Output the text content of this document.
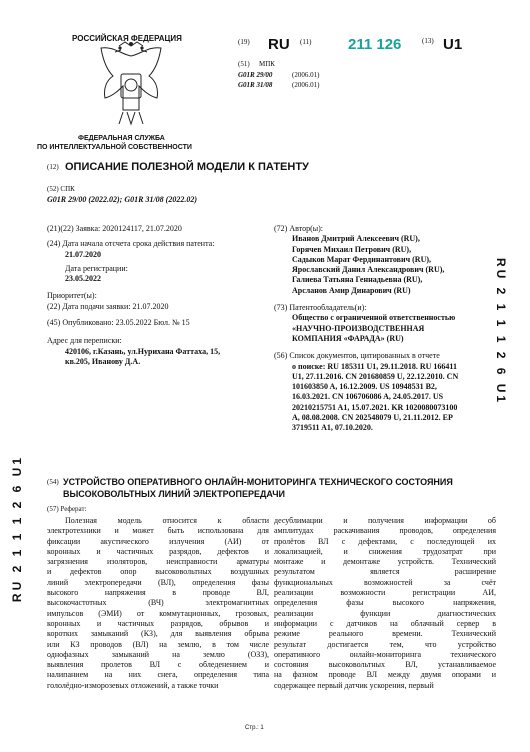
РОССИЙСКАЯ ФЕДЕРАЦИЯ
ФЕДЕРАЛЬНАЯ СЛУЖБА
ПО ИНТЕЛЛЕКТУАЛЬНОЙ СОБСТВЕННОСТИ
(19) RU (11) 211 126	(13) U1
(51) МПК
G01R 29/00	(2006.01)
G01R 31/08	(2006.01)
(12) ОПИСАНИЕ ПОЛЕЗНОЙ МОДЕЛИ К ПАТЕНТУ
(52) СПК
G01R 29/00 (2022.02); G01R 31/08 (2022.02)
(21)(22) Заявка: 2020124117, 21.07.2020
(24) Дата начала отсчета срока действия патента:
21.07.2020
Дата регистрации:
23.05.2022
Приоритет(ы):
(22) Дата подачи заявки: 21.07.2020
(45) Опубликовано: 23.05.2022 Бюл. № 15
Адрес для переписки:
420106, г.Казань, ул.Нурихана Фаттаха, 15,
кв.205, Иванову Д.А.
(72) Автор(ы):
Иванов Дмитрий Алексеевич (RU),
Горячев Михаил Петрович (RU),
Садыков Марат Фердинантович (RU),
Ярославский Данил Александрович (RU),
Галиева Татьяна Геннадьевна (RU),
Арсланов Амир Динарович (RU)
(73) Патентообладатель(и):
Общество с ограниченной ответственностью
«НАУЧНО-ПРОИЗВОДСТВЕННАЯ
КОМПАНИЯ «ФАРАДА» (RU)
(56) Список документов, цитированных в отчете
о поиске: RU 185311 U1, 29.11.2018. RU 166411
U1, 27.11.2016. CN 201680859 U, 22.12.2010. CN
101603850 A, 16.12.2009. US 10948531 B2,
16.03.2021. CN 106706086 A, 24.05.2017. US
20210215751 A1, 15.07.2021. KR 1020080073100
A, 08.08.2008. CN 202548079 U, 21.11.2012. EP
3719511 A1, 07.10.2020.
RU 2 1 1 1 2 6 U1
RU 2 1 1 1 2 6 U1	(54) УСТРОЙСТВО ОПЕРАТИВНОГО ОНЛАЙН-МОНИТОРИНГА ТЕХНИЧЕСКОГО СОСТОЯНИЯ
ВЫСОКОВОЛЬТНЫХ ЛИНИЙ ЭЛЕКТРОПЕРЕДАЧИ
(57) Реферат:
Полезная модель относится к области
электротехники и может быть использована для
фиксации акустического излучения (АИ) от
коронных и частичных разрядов, дефектов и
загрязнения изоляторов, неисправности арматуры
и дефектов опор высоковольтных воздушных
линий электропередачи (ВЛ), определения фазы
высокого напряжения в проводе ВЛ,
высокочастотных (ВЧ) электромагнитных
импульсов (ЭМИ) от коммутационных, грозовых,
коронных и частичных разрядов, обрывов и
коротких замыканий (КЗ), для выявления обрыва
или КЗ проводов (ВЛ) на землю, в том числе
однофазных замыканий на землю (ОЗЗ),
выявления пролетов ВЛ с обледенением и
налипанием на них снега, определения типа
гололёдно-изморозевых отложений, а также точки
десублимации и получения информации об
амплитудах раскачивания проводов, определения
пролётов ВЛ с дефектами, с последующей их
локализацией, и снижения трудозатрат при
монтаже и демонтаже устройств. Технический
результатом является расширение
функциональных возможностей за счёт
реализации возможности регистрации АИ,
определения фазы высокого напряжения,
реализации функции диагностических
информации с датчиков на облачный сервер в
режиме реального времени. Технический
результат достигается тем, что устройство
оперативного онлайн-мониторинга технического
состояния высоковольтных ВЛ, устанавливаемое
на фазном проводе ВЛ между двумя опорами и
содержащее первый датчик ускорения, первый
Стр.: 1
